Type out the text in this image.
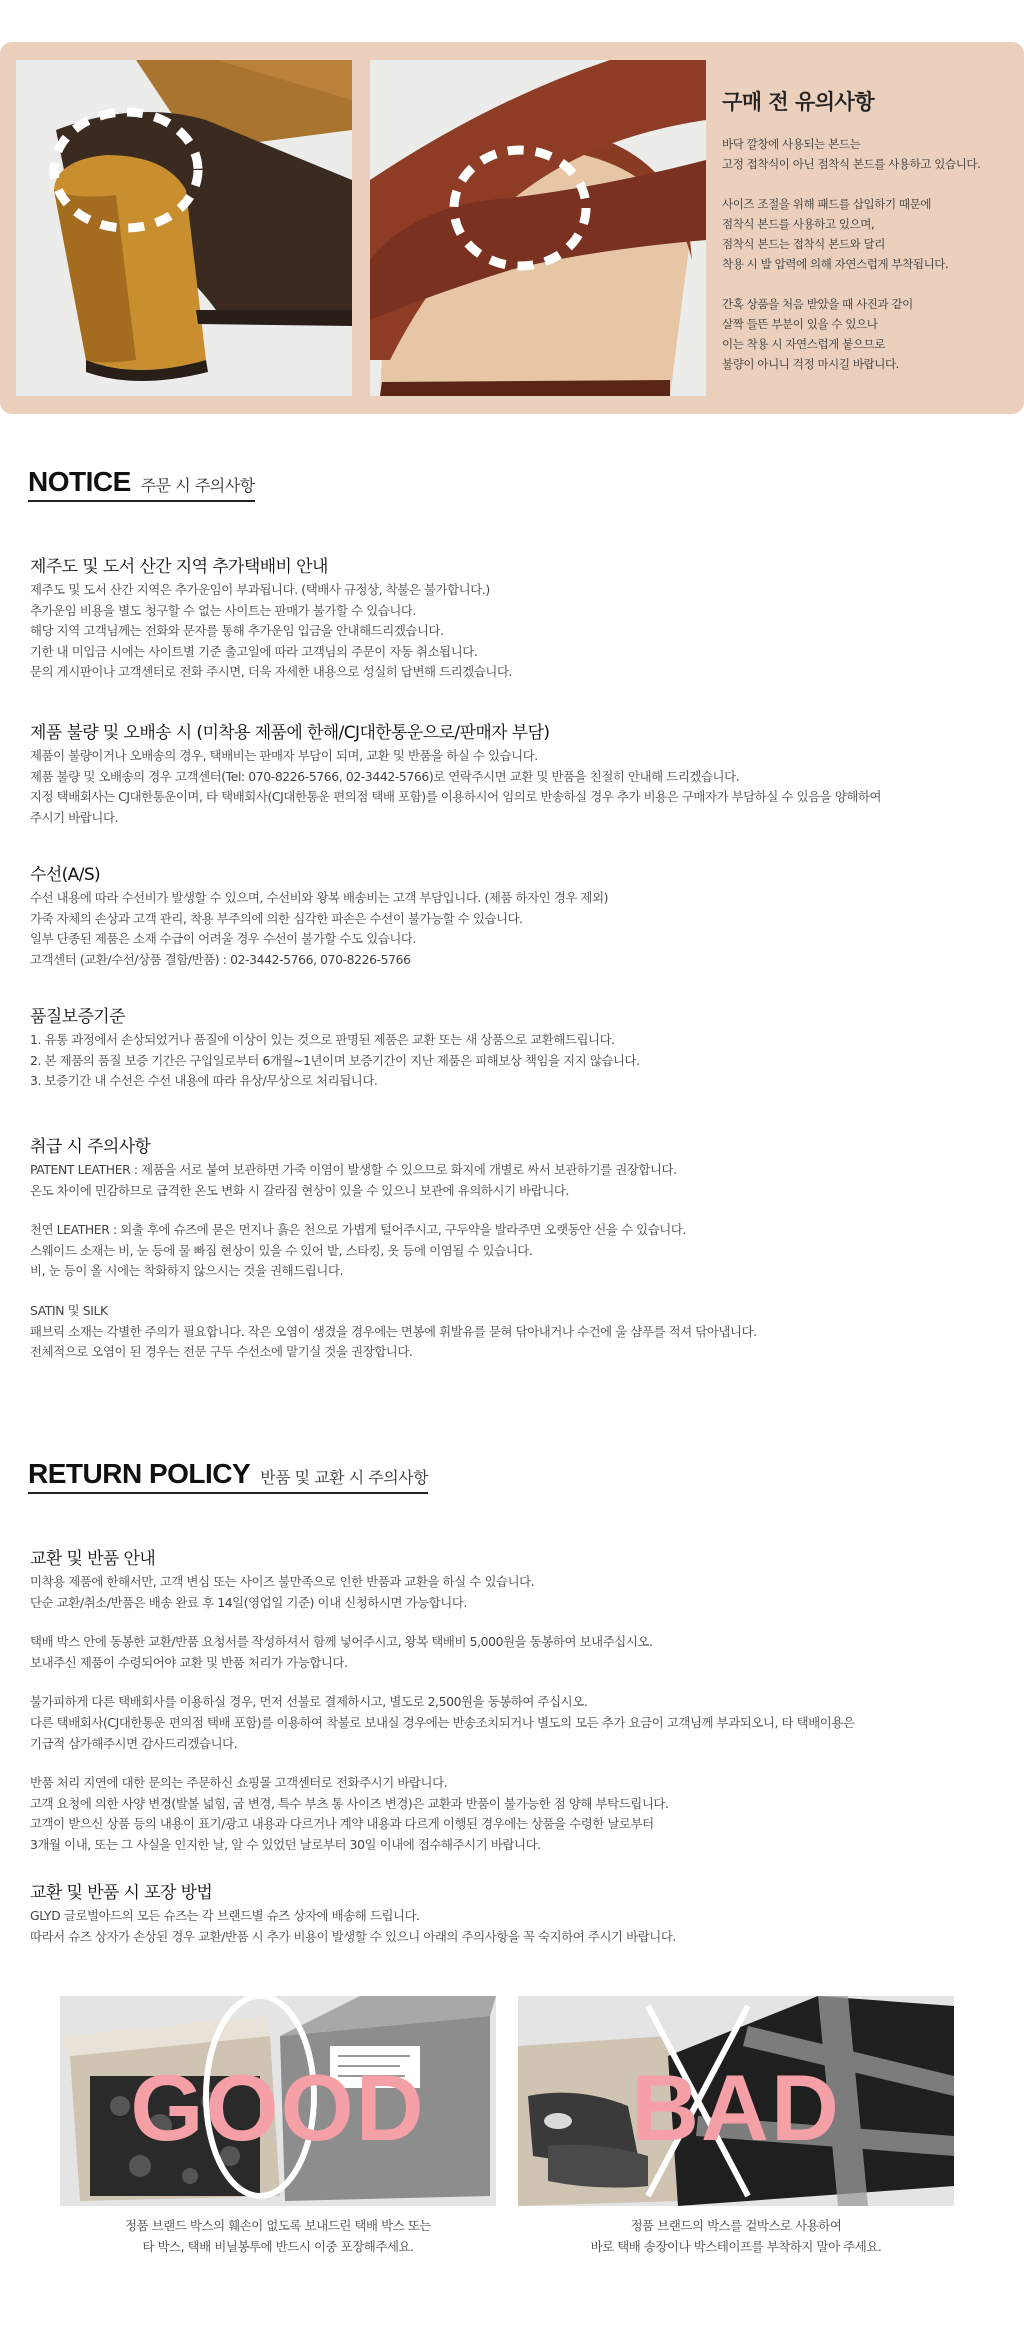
구매 전 유의사항

바닥 깔창에 사용되는 본드는
고정 접착식이 아닌 점착식 본드를 사용하고 있습니다.

사이즈 조절을 위해 패드를 삽입하기 때문에
점착식 본드를 사용하고 있으며,
점착식 본드는 접착식 본드와 달리
착용 시 발 압력에 의해 자연스럽게 부착됩니다.

간혹 상품을 처음 받았을 때 사진과 같이
살짝 들뜬 부분이 있을 수 있으나
이는 착용 시 자연스럽게 붙으므로
불량이 아니니 걱정 마시길 바랍니다.

NOTICE 주문 시 주의사항
제주도 및 도서 산간 지역 추가택배비 안내

제주도 및 도서 산간 지역은 추가운임이 부과됩니다. (택배사 규정상, 착불은 불가합니다.)

추가운임 비용을 별도 청구할 수 없는 사이트는 판매가 불가할 수 있습니다.

해당 지역 고객님께는 전화와 문자를 통해 추가운임 입금을 안내해드리겠습니다.

기한 내 미입금 시에는 사이트별 기준 출고일에 따라 고객님의 주문이 자동 취소됩니다.

문의 게시판이나 고객센터로 전화 주시면, 더욱 자세한 내용으로 성실히 답변해 드리겠습니다.

제품 불량 및 오배송 시 (미착용 제품에 한해/CJ대한통운으로/판매자 부담)

제품이 불량이거나 오배송의 경우, 택배비는 판매자 부담이 되며, 교환 및 반품을 하실 수 있습니다.

제품 불량 및 오배송의 경우 고객센터(Tel: 070-8226-5766, 02-3442-5766)로 연락주시면 교환 및 반품을 친절히 안내해 드리겠습니다.

지정 택배회사는 CJ대한통운이며, 타 택배회사(CJ대한통운 편의점 택배 포함)를 이용하시어 임의로 반송하실 경우 추가 비용은 구매자가 부담하실 수 있음을 양해하여

주시기 바랍니다.

수선(A/S)

수선 내용에 따라 수선비가 발생할 수 있으며, 수선비와 왕복 배송비는 고객 부담입니다. (제품 하자인 경우 제외)

가죽 자체의 손상과 고객 관리, 착용 부주의에 의한 심각한 파손은 수선이 불가능할 수 있습니다.

일부 단종된 제품은 소재 수급이 어려울 경우 수선이 불가할 수도 있습니다.

고객센터 (교환/수선/상품 결함/반품) : 02-3442-5766, 070-8226-5766

품질보증기준

1. 유통 과정에서 손상되었거나 품질에 이상이 있는 것으로 판명된 제품은 교환 또는 새 상품으로 교환해드립니다.

2. 본 제품의 품질 보증 기간은 구입일로부터 6개월~1년이며 보증기간이 지난 제품은 피해보상 책임을 지지 않습니다.

3. 보증기간 내 수선은 수선 내용에 따라 유상/무상으로 처리됩니다.

취급 시 주의사항

PATENT LEATHER : 제품을 서로 붙여 보관하면 가죽 이염이 발생할 수 있으므로 화지에 개별로 싸서 보관하기를 권장합니다.

온도 차이에 민감하므로 급격한 온도 변화 시 갈라짐 현상이 있을 수 있으니 보관에 유의하시기 바랍니다.

천연 LEATHER : 외출 후에 슈즈에 묻은 먼지나 흙은 천으로 가볍게 털어주시고, 구두약을 발라주면 오랫동안 신을 수 있습니다.

스웨이드 소재는 비, 눈 등에 물 빠짐 현상이 있을 수 있어 밭, 스타킹, 옷 등에 이염될 수 있습니다.

비, 눈 등이 올 시에는 착화하지 않으시는 것을 권해드립니다.

SATIN 및 SILK

패브릭 소재는 각별한 주의가 필요합니다. 작은 오염이 생겼을 경우에는 면봉에 휘발유를 묻혀 닦아내거나 수건에 울 샴푸를 적셔 닦아냅니다.

전체적으로 오염이 된 경우는 전문 구두 수선소에 맡기실 것을 권장합니다.

RETURN POLICY 반품 및 교환 시 주의사항
교환 및 반품 안내

미착용 제품에 한해서만, 고객 변심 또는 사이즈 불만족으로 인한 반품과 교환을 하실 수 있습니다.

단순 교환/취소/반품은 배송 완료 후 14일(영업일 기준) 이내 신청하시면 가능합니다.

택배 박스 안에 동봉한 교환/반품 요청서를 작성하셔서 함께 넣어주시고, 왕복 택배비 5,000원을 동봉하여 보내주십시오.

보내주신 제품이 수령되어야 교환 및 반품 처리가 가능합니다.

불가피하게 다른 택배회사를 이용하실 경우, 먼저 선불로 결제하시고, 별도로 2,500원을 동봉하여 주십시오.

다른 택배회사(CJ대한통운 편의점 택배 포함)를 이용하여 착불로 보내실 경우에는 반송조치되거나 별도의 모든 추가 요금이 고객님께 부과되오니, 타 택배이용은

기급적 삼가해주시면 감사드리겠습니다.

반품 처리 지연에 대한 문의는 주문하신 쇼핑몰 고객센터로 전화주시기 바랍니다.

고객 요청에 의한 사양 변경(발볼 넓힘, 굽 변경, 특수 부츠 통 사이즈 변경)은 교환과 반품이 불가능한 점 양해 부탁드립니다.

고객이 받으신 상품 등의 내용이 표기/광고 내용과 다르거나 계약 내용과 다르게 이행된 경우에는 상품을 수령한 날로부터

3개월 이내, 또는 그 사실을 인지한 날, 알 수 있었던 날로부터 30일 이내에 접수해주시기 바랍니다.

교환 및 반품 시 포장 방법

GLYD 글로벌아드의 모든 슈즈는 각 브랜드별 슈즈 상자에 배송해 드립니다.

따라서 슈즈 상자가 손상된 경우 교환/반품 시 추가 비용이 발생할 수 있으니 아래의 주의사항을 꼭 숙지하여 주시기 바랍니다.

GOOD	BAD
정품 브랜드 박스의 훼손이 없도록 보내드린 택배 박스 또는
타 박스, 택배 비닐봉투에 반드시 이중 포장해주세요.
정품 브랜드의 박스를 겉박스로 사용하여
바로 택배 송장이나 박스테이프를 부착하지 말아 주세요.
